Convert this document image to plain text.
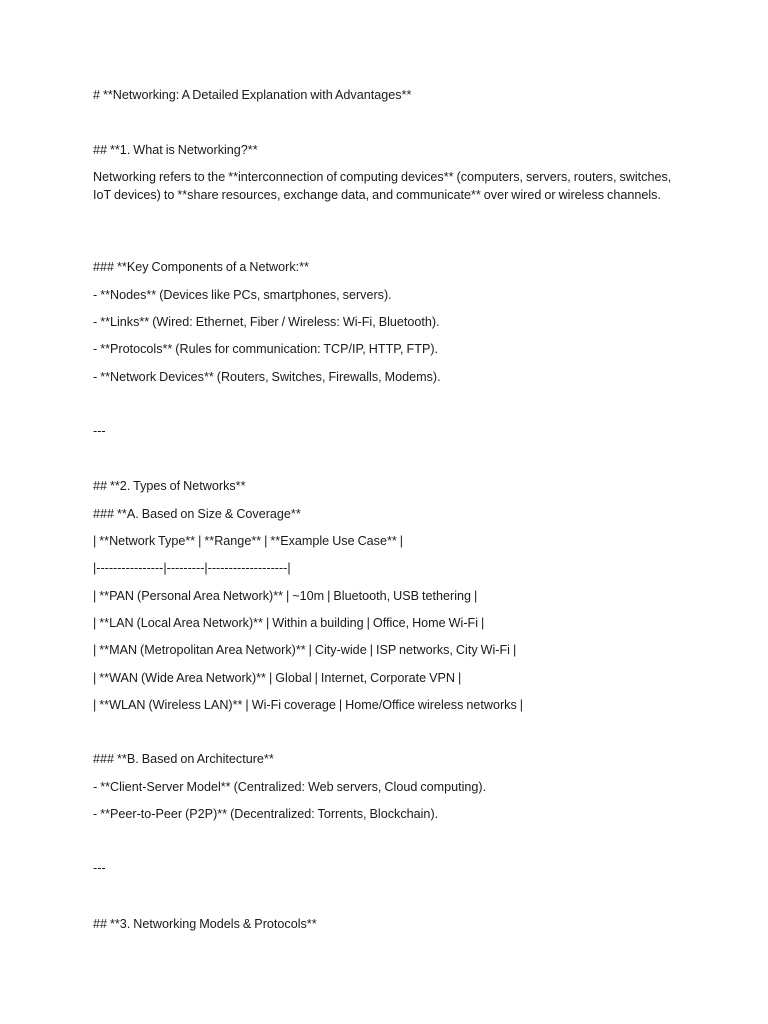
# **Networking: A Detailed Explanation with Advantages**

## **1. What is Networking?**

Networking refers to the **interconnection of computing devices** (computers, servers, routers, switches, IoT devices) to **share resources, exchange data, and communicate** over wired or wireless channels.

### **Key Components of a Network:**

- **Nodes** (Devices like PCs, smartphones, servers).

- **Links** (Wired: Ethernet, Fiber / Wireless: Wi-Fi, Bluetooth).

- **Protocols** (Rules for communication: TCP/IP, HTTP, FTP).

- **Network Devices** (Routers, Switches, Firewalls, Modems).

---

## **2. Types of Networks**

### **A. Based on Size & Coverage**

| **Network Type** | **Range** | **Example Use Case** |

|----------------|---------|-------------------|

| **PAN (Personal Area Network)** | ~10m | Bluetooth, USB tethering |

| **LAN (Local Area Network)** | Within a building | Office, Home Wi-Fi |

| **MAN (Metropolitan Area Network)** | City-wide | ISP networks, City Wi-Fi |

| **WAN (Wide Area Network)** | Global | Internet, Corporate VPN |

| **WLAN (Wireless LAN)** | Wi-Fi coverage | Home/Office wireless networks |

### **B. Based on Architecture**

- **Client-Server Model** (Centralized: Web servers, Cloud computing).

- **Peer-to-Peer (P2P)** (Decentralized: Torrents, Blockchain).

---

## **3. Networking Models & Protocols**
